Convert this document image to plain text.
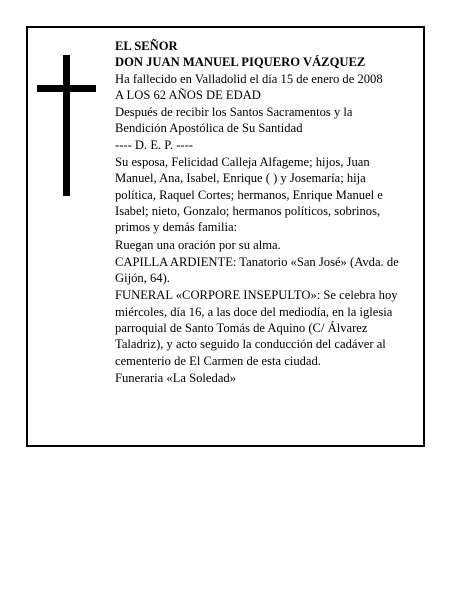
EL SEÑOR
DON JUAN MANUEL PIQUERO VÁZQUEZ
Ha fallecido en Valladolid el día 15 de enero de 2008
A LOS 62 AÑOS DE EDAD
Después de recibir los Santos Sacramentos y la
Bendición Apostólica de Su Santidad
---- D. E. P. ----
Su esposa, Felicidad Calleja Alfageme; hijos, Juan
Manuel, Ana, Isabel, Enrique ( ) y Josemaría; hija
política, Raquel Cortes; hermanos, Enrique Manuel e
Isabel; nieto, Gonzalo; hermanos políticos, sobrinos,
primos y demás familia:
Ruegan una oración por su alma.
CAPILLA ARDIENTE: Tanatorio «San José» (Avda. de
Gijón, 64).
FUNERAL «CORPORE INSEPULTO»: Se celebra hoy
miércoles, día 16, a las doce del mediodía, en la iglesia
parroquial de Santo Tomás de Aquino (C/ Álvarez
Taladriz), y acto seguido la conducción del cadáver al
cementerio de El Carmen de esta ciudad.
Funeraria «La Soledad»
